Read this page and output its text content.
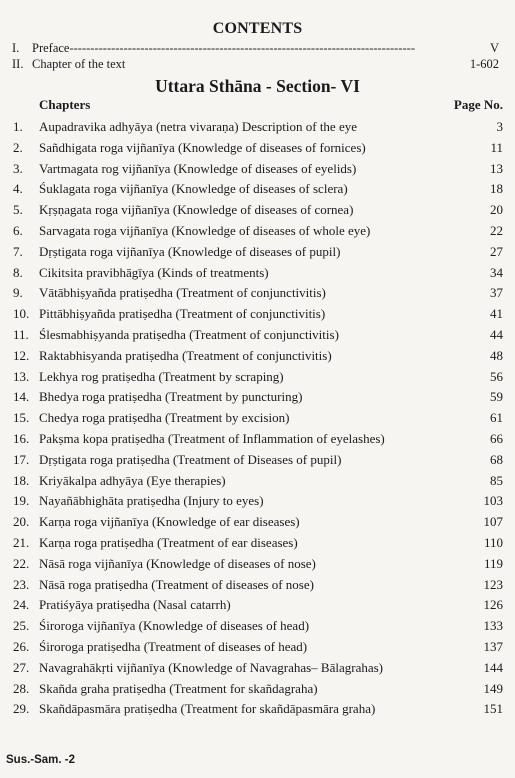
CONTENTS
I. Preface-----------------------------------------------------------------------------------	V
II. Chapter of the text	1-602
Uttara Sthāna - Section- VI
Chapters	Page No.
1.	Aupadravika adhyāya (netra vivaraṇa) Description of the eye	3
2.	Sañdhigata roga vijñanīya (Knowledge of diseases of fornices)	11
3.	Vartmagata rog vijñanīya (Knowledge of diseases of eyelids)	13
4.	Śuklagata roga vijñanīya (Knowledge of diseases of sclera)	18
5.	Kṛṣṇagata roga vijñanīya (Knowledge of diseases of cornea)	20
6.	Sarvagata roga vijñanīya (Knowledge of diseases of whole eye)	22
7.	Dṛṣtigata roga vijñanīya (Knowledge of diseases of pupil)	27
8.	Cikitsita pravibhāgīya (Kinds of treatments)	34
9.	Vātābhiṣyañda pratiṣedha (Treatment of conjunctivitis)	37
10. Pittābhiṣyañda pratiṣedha (Treatment of conjunctivitis)	41
11. Ślesmabhiṣyanda pratiṣedha (Treatment of conjunctivitis)	44
12. Raktabhisyanda pratiṣedha (Treatment of conjunctivitis)	48
13. Lekhya rog pratiṣedha (Treatment by scraping)	56
14. Bhedya roga pratiṣedha (Treatment by puncturing)	59
15. Chedya roga pratiṣedha (Treatment by excision)	61
16. Pakṣma kopa pratiṣedha (Treatment of Inflammation of eyelashes)	66
17. Dṛṣtigata roga pratiṣedha (Treatment of Diseases of pupil)	68
18. Kriyākalpa adhyāya (Eye therapies)	85
19. Nayañābhighāta pratiṣedha (Injury to eyes)	103
20. Karṇa roga vijñanīya (Knowledge of ear diseases)	107
21. Karṇa roga pratiṣedha (Treatment of ear diseases)	110
22. Nāsā roga vijñanīya (Knowledge of diseases of nose)	119
23. Nāsā roga pratiṣedha (Treatment of diseases of nose)	123
24. Pratiśyāya pratiṣedha (Nasal catarrh)	126
25. Śiroroga vijñanīya (Knowledge of diseases of head)	133
26. Śiroroga pratiṣedha (Treatment of diseases of head)	137
27. Navagrahākṛti vijñanīya (Knowledge of Navagrahas– Bālagrahas)	144
28. Skañda graha pratiṣedha (Treatment for skañdagraha)	149
29. Skañdāpasmāra pratiṣedha (Treatment for skañdāpasmāra graha)	151
Sus.-Sam. -2
